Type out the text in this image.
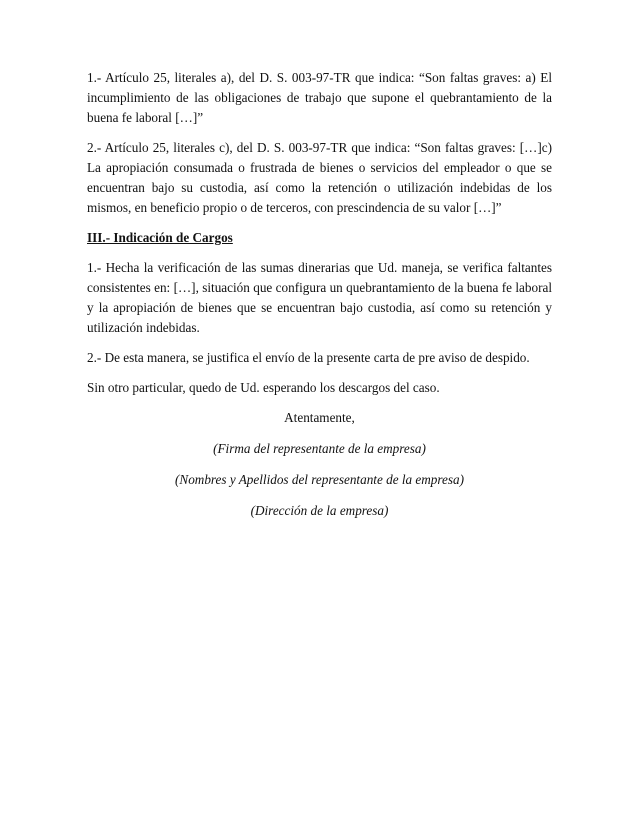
1.- Artículo 25, literales a), del D. S. 003-97-TR que indica: “Son faltas graves: a) El incumplimiento de las obligaciones de trabajo que supone el quebrantamiento de la buena fe laboral […]”

2.- Artículo 25, literales c), del D. S. 003-97-TR que indica: “Son faltas graves: […]c) La apropiación consumada o frustrada de bienes o servicios del empleador o que se encuentran bajo su custodia, así como la retención o utilización indebidas de los mismos, en beneficio propio o de terceros, con prescindencia de su valor […]”

III.- Indicación de Cargos

1.- Hecha la verificación de las sumas dinerarias que Ud. maneja, se verifica faltantes consistentes en: […], situación que configura un quebrantamiento de la buena fe laboral y la apropiación de bienes que se encuentran bajo custodia, así como su retención y utilización indebidas.

2.- De esta manera, se justifica el envío de la presente carta de pre aviso de despido.

Sin otro particular, quedo de Ud. esperando los descargos del caso.

Atentamente,

(Firma del representante de la empresa)

(Nombres y Apellidos del representante de la empresa)

(Dirección de la empresa)
